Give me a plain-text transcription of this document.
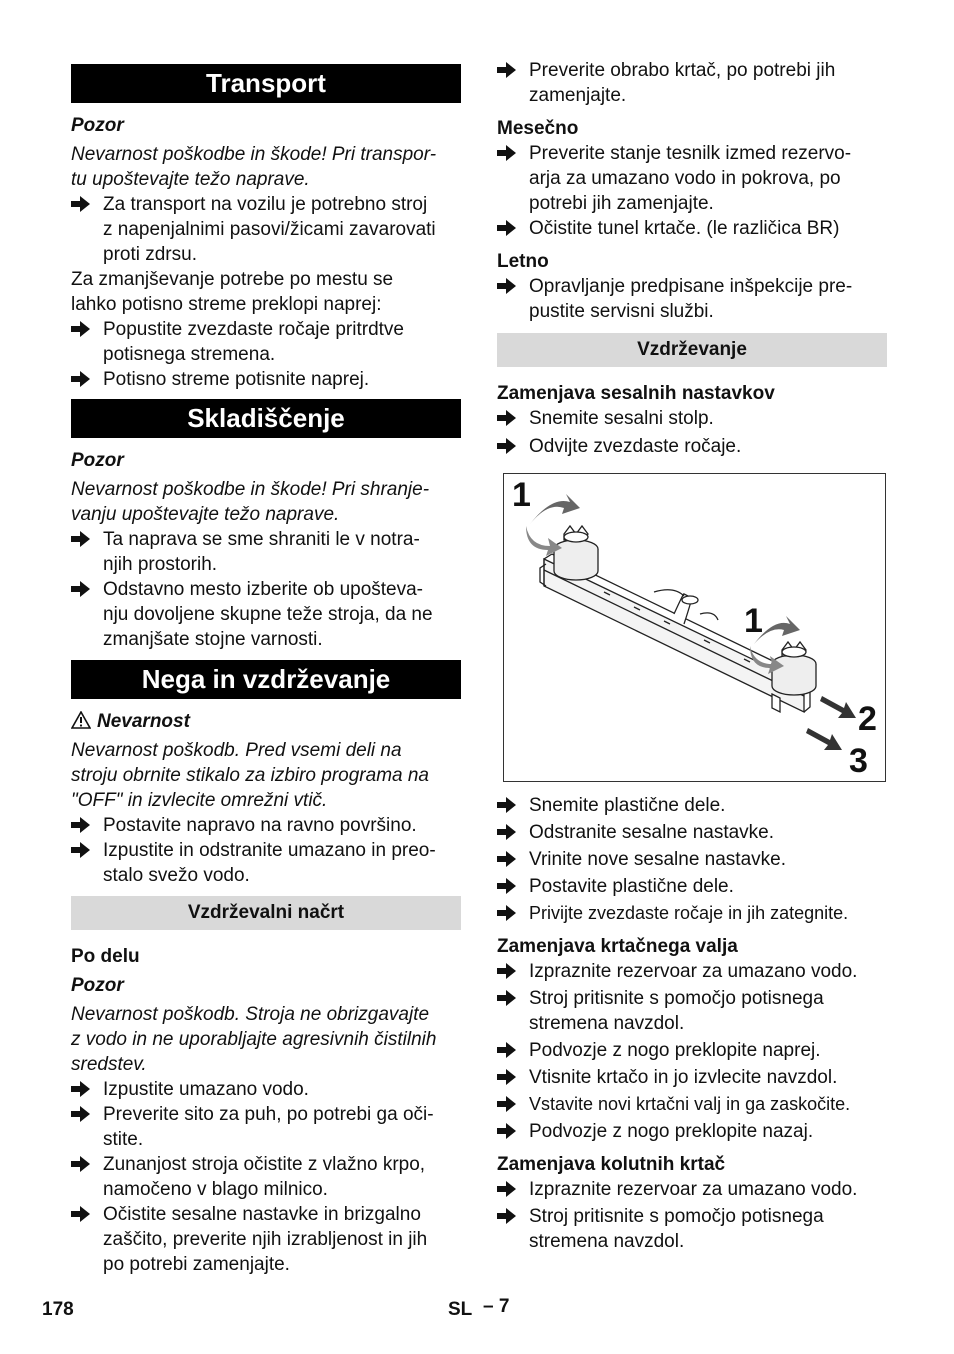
Transport

Pozor

Nevarnost poškodbe in škode! Pri transpor-

tu upoštevajte težo naprave.

Za transport na vozilu je potrebno stroj
z napenjalnimi pasovi/žicami zavarovati
proti zdrsu.

Za zmanjševanje potrebe po mestu se

lahko potisno streme preklopi naprej:

Popustite zvezdaste ročaje pritrdtve
potisnega stremena.
Potisno streme potisnite naprej.
Skladiščenje

Pozor

Nevarnost poškodbe in škode! Pri shranje-

vanju upoštevajte težo naprave.

Ta naprava se sme shraniti le v notra-
njih prostorih.
Odstavno mesto izberite ob upošteva-
nju dovoljene skupne teže stroja, da ne
zmanjšate stojne varnosti.
Nega in vzdrževanje

Nevarnost

Nevarnost poškodb. Pred vsemi deli na

stroju obrnite stikalo za izbiro programa na

"OFF" in izvlecite omrežni vtič.

Postavite napravo na ravno površino.
Izpustite in odstranite umazano in preo-
stalo svežo vodo.
Vzdrževalni načrt

Po delu

Pozor

Nevarnost poškodb. Stroja ne obrizgavajte

z vodo in ne uporabljajte agresivnih čistilnih

sredstev.

Izpustite umazano vodo.
Preverite sito za puh, po potrebi ga oči-
stite.
Zunanjost stroja očistite z vlažno krpo,
namočeno v blago milnico.
Očistite sesalne nastavke in brizgalno
zaščito, preverite njih izrabljenost in jih
po potrebi zamenjajte.
Preverite obrabo krtač, po potrebi jih
zamenjajte.

Mesečno

Preverite stanje tesnilk izmed rezervo-
arja za umazano vodo in pokrova, po
potrebi jih zamenjajte.
Očistite tunel krtače. (le različica BR)

Letno

Opravljanje predpisane inšpekcije pre-
pustite servisni službi.
Vzdrževanje

Zamenjava sesalnih nastavkov

Snemite sesalni stolp.
Odvijte zvezdaste ročaje.
1
1
2
3
Snemite plastične dele.
Odstranite sesalne nastavke.
Vrinite nove sesalne nastavke.
Postavite plastične dele.
Privijte zvezdaste ročaje in jih zategnite.

Zamenjava krtačnega valja

Izpraznite rezervoar za umazano vodo.
Stroj pritisnite s pomočjo potisnega
stremena navzdol.
Podvozje z nogo preklopite naprej.
Vtisnite krtačo in jo izvlecite navzdol.
Vstavite novi krtačni valj in ga zaskočite.
Podvozje z nogo preklopite nazaj.

Zamenjava kolutnih krtač

Izpraznite rezervoar za umazano vodo.
Stroj pritisnite s pomočjo potisnega
stremena navzdol.
178	SL – 7
